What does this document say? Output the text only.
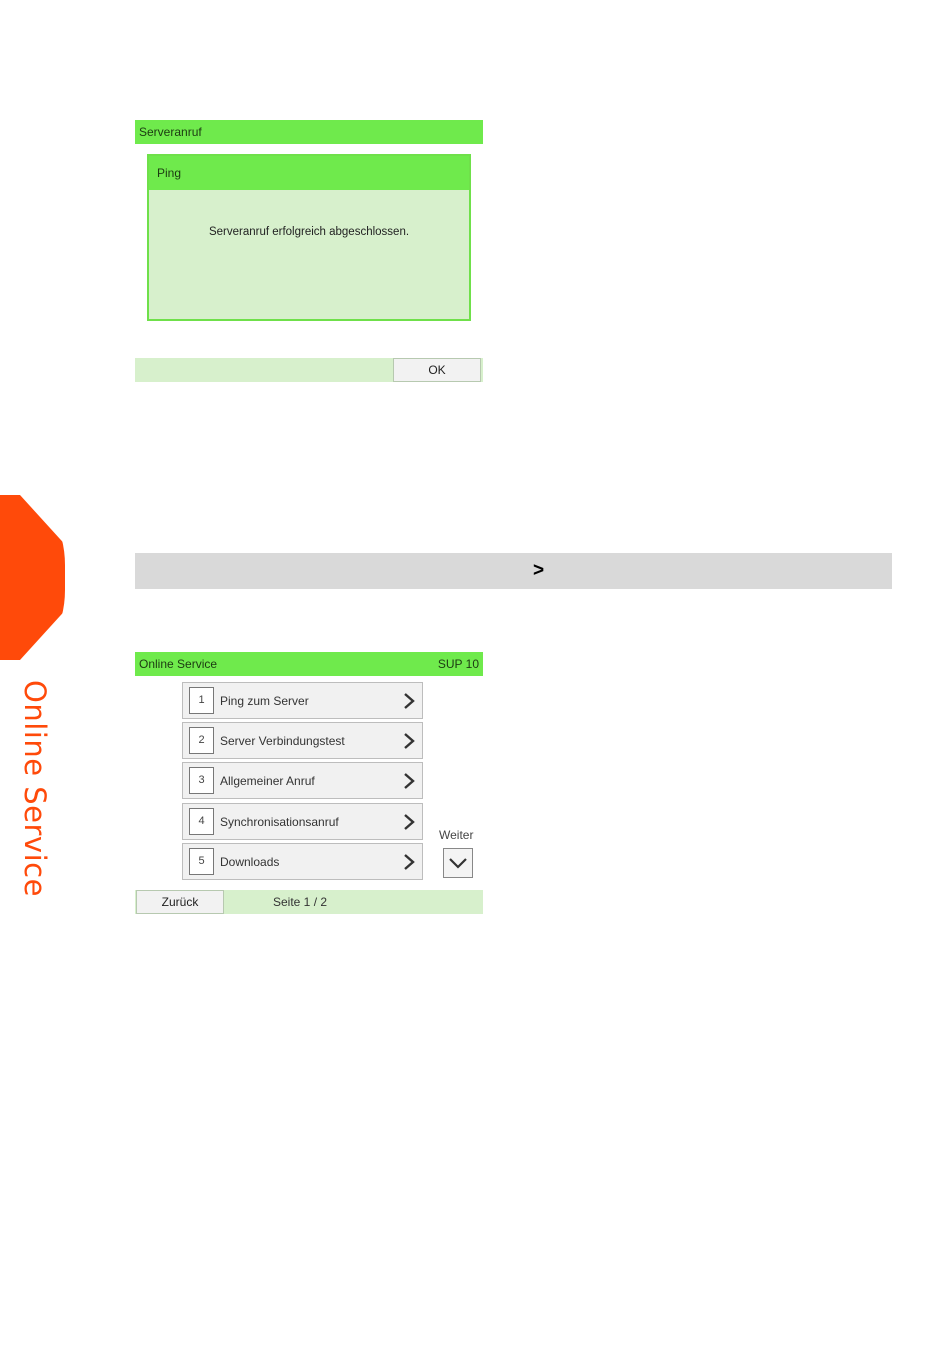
Online Service
Serveranruf
Ping
Serveranruf erfolgreich abgeschlossen.
OK
>
Online Service	SUP 10
1	Ping zum Server
2	Server Verbindungstest
3	Allgemeiner Anruf
4	Synchronisationsanruf
5	Downloads
Weiter
Zurück	Seite 1 / 2
